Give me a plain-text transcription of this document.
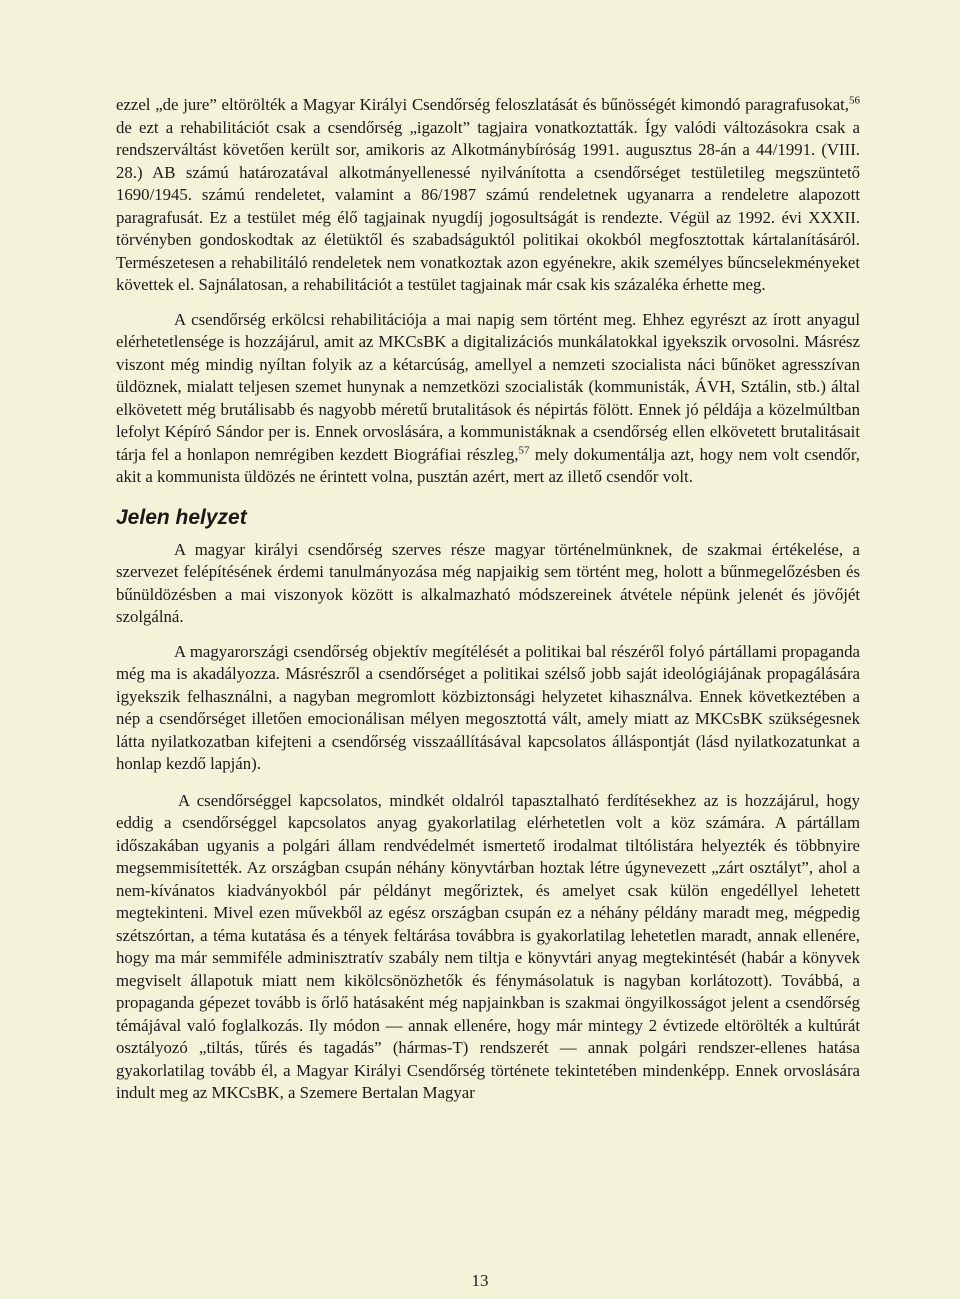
ezzel „de jure” eltörölték a Magyar Királyi Csendőrség feloszlatását és bűnösségét kimondó paragrafusokat,$^{56}$ de ezt a rehabilitációt csak a csendőrség „igazolt” tagjaira vonatkoztatták. Így valódi változásokra csak a rendszerváltást követően került sor, amikoris az Alkotmánybíróság 1991. augusztus 28-án a 44/1991. (VIII. 28.) AB számú határozatával alkotmányellenessé nyilvánította a csendőrséget testületileg megszüntető 1690/1945. számú rendeletet, valamint a 86/1987 számú rendeletnek ugyanarra a rendeletre alapozott paragrafusát. Ez a testület még élő tagjainak nyugdíj jogosultságát is rendezte. Végül az 1992. évi XXXII. törvényben gondoskodtak az életüktől és szabadságuktól politikai okokból megfosztottak kártalanításáról. Természetesen a rehabilitáló rendeletek nem vonatkoztak azon egyénekre, akik személyes bűncselekményeket követtek el. Sajnálatosan, a rehabilitációt a testület tagjainak már csak kis százaléka érhette meg.

A csendőrség erkölcsi rehabilitációja a mai napig sem történt meg. Ehhez egyrészt az írott anyagul elérhetetlensége is hozzájárul, amit az MKCsBK a digitalizációs munkálatokkal igyekszik orvosolni. Másrész viszont még mindig nyíltan folyik az a kétarcúság, amellyel a nemzeti szocialista náci bűnöket agresszívan üldöznek, mialatt teljesen szemet hunynak a nemzetközi szocialisták (kommunisták, ÁVH, Sztálin, stb.) által elkövetett még brutálisabb és nagyobb méretű brutalitások és népirtás fölött. Ennek jó példája a közelmúltban lefolyt Képíró Sándor per is. Ennek orvoslására, a kommunistáknak a csendőrség ellen elkövetett brutalitásait tárja fel a honlapon nemrégiben kezdett Biográfiai részleg,$^{57}$ mely dokumentálja azt, hogy nem volt csendőr, akit a kommunista üldözés ne érintett volna, pusztán azért, mert az illető csendőr volt.

Jelen helyzet

A magyar királyi csendőrség szerves része magyar történelmünknek, de szakmai értékelése, a szervezet felépítésének érdemi tanulmányozása még napjaikig sem történt meg, holott a bűnmegelőzésben és bűnüldözésben a mai viszonyok között is alkalmazható módszereinek átvétele népünk jelenét és jövőjét szolgálná.

A magyarországi csendőrség objektív megítélését a politikai bal részéről folyó pártállami propaganda még ma is akadályozza. Másrészről a csendőrséget a politikai szélső jobb saját ideológiájának propagálására igyekszik felhasználni, a nagyban megromlott közbiztonsági helyzetet kihasználva. Ennek következtében a nép a csendőrséget illetően emocionálisan mélyen megosztottá vált, amely miatt az MKCsBK szükségesnek látta nyilatkozatban kifejteni a csendőrség visszaállításával kapcsolatos álláspontját (lásd nyilatkozatunkat a honlap kezdő lapján).

A csendőrséggel kapcsolatos, mindkét oldalról tapasztalható ferdítésekhez az is hozzájárul, hogy eddig a csendőrséggel kapcsolatos anyag gyakorlatilag elérhetetlen volt a köz számára. A pártállam időszakában ugyanis a polgári állam rendvédelmét ismertető irodalmat tiltólistára helyezték és többnyire megsemmisítették. Az országban csupán néhány könyvtárban hoztak létre úgynevezett „zárt osztályt”, ahol a nem-kívánatos kiadványokból pár példányt megőriztek, és amelyet csak külön engedéllyel lehetett megtekinteni. Mivel ezen művekből az egész országban csupán ez a néhány példány maradt meg, mégpedig szétszórtan, a téma kutatása és a tények feltárása továbbra is gyakorlatilag lehetetlen maradt, annak ellenére, hogy ma már semmiféle adminisztratív szabály nem tiltja e könyvtári anyag megtekintését (habár a könyvek megviselt állapotuk miatt nem kikölcsönözhetők és fénymásolatuk is nagyban korlátozott). Továbbá, a propaganda gépezet tovább is őrlő hatásaként még napjainkban is szakmai öngyilkosságot jelent a csendőrség témájával való foglalkozás. Ily módon — annak ellenére, hogy már mintegy 2 évtizede eltörölték a kultúrát osztályozó „tiltás, tűrés és tagadás” (hármas-T) rendszerét — annak polgári rendszer-ellenes hatása gyakorlatilag tovább él, a Magyar Királyi Csendőrség története tekintetében mindenképp. Ennek orvoslására indult meg az MKCsBK, a Szemere Bertalan Magyar

13
